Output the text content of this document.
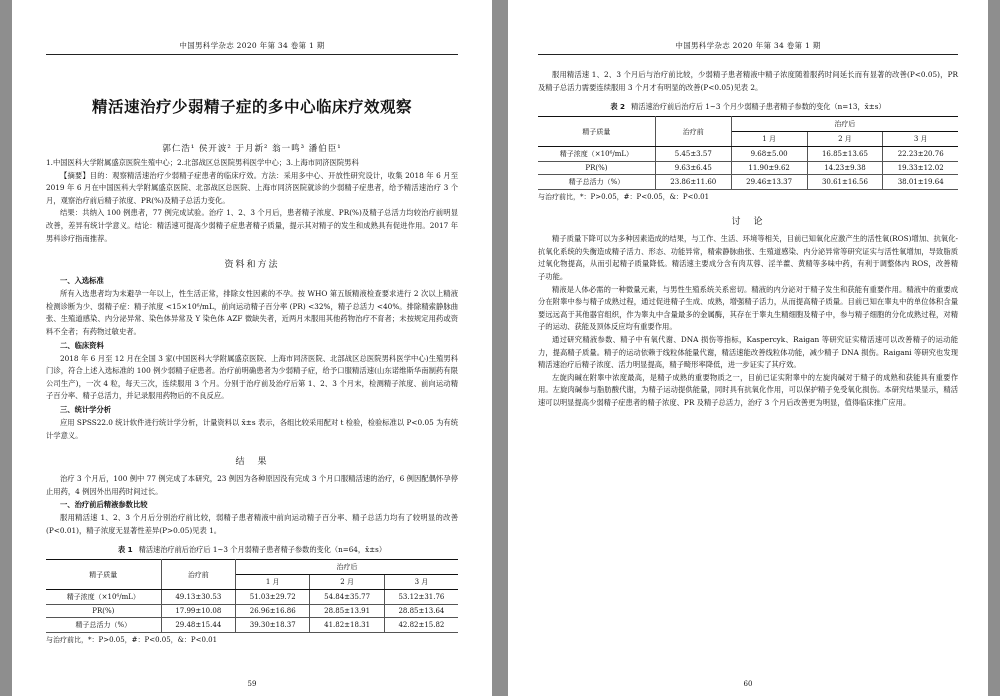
中国男科学杂志 2020 年第 34 卷第 1 期
精活速治疗少弱精子症的多中心临床疗效观察
郭仁浩¹ 侯开波² 于月新² 翁一鸣³ 潘伯臣¹

1.中国医科大学附属盛京医院生殖中心；2.北部战区总医院男科医学中心；3.上海市同济医院男科

【摘要】目的：观察精活速治疗少弱精子症患者的临床疗效。方法：采用多中心、开放性研究设计，收集 2018 年 6 月至 2019 年 6 月在中国医科大学附属盛京医院、北部战区总医院、上海市同济医院就诊的少弱精子症患者，给予精活速治疗 3 个月，观察治疗前后精子浓度、PR(%)及精子总活力变化。

结果：共纳入 100 例患者，77 例完成试验。治疗 1、2、3 个月后，患者精子浓度、PR(%)及精子总活力均较治疗前明显改善，差异有统计学意义。结论：精活速可提高少弱精子症患者精子质量，提示其对精子的发生和成熟具有促进作用。2017 年男科诊疗指南推荐。

资料和方法
一、入选标准

所有入选患者均为未避孕一年以上，性生活正常，排除女性因素的不孕。按 WHO 第五版精液检查要求进行 2 次以上精液检测诊断为少、弱精子症：精子浓度 <15×10⁶/mL，前向运动精子百分率 (PR) <32%，精子总活力 <40%。排除精索静脉曲张、生殖道感染、内分泌异常、染色体异常及 Y 染色体 AZF 微缺失者，近两月未服用其他药物治疗不育者；未按规定用药或资料不全者；有药物过敏史者。

二、临床资料

2018 年 6 月至 12 月在全国 3 家(中国医科大学附属盛京医院、上海市同济医院、北部战区总医院男科医学中心)生殖男科门诊，符合上述入选标准的 100 例少弱精子症患者。治疗前明确患者为少弱精子症，给予口服精活速(山东诺维斯华南制药有限公司生产)，一次 4 粒，每天三次，连续服用 3 个月。分别于治疗前及治疗后第 1、2、3 个月末，检测精子浓度、前向运动精子百分率、精子总活力，并记录服用药物后的不良反应。

三、统计学分析

应用 SPSS22.0 统计软件进行统计学分析，计量资料以 x̄±s 表示，各组比较采用配对 t 检验，检验标准以 P<0.05 为有统计学意义。

结　果

治疗 3 个月后，100 例中 77 例完成了本研究，23 例因为各种原因没有完成 3 个月口服精活速的治疗，6 例因配偶怀孕停止用药，4 例因外出用药时间过长。

一、治疗前后精液参数比较

服用精活速 1、2、3 个月后分别治疗前比较，弱精子患者精液中前向运动精子百分率、精子总活力均有了较明显的改善(P<0.01)，精子浓度无显著性差异(P>0.05)见表 1。

表 1 精活速治疗前后治疗后 1~3 个月弱精子患者精子参数的变化（n=64，x̄±s）
精子质量	治疗前	治疗后		
		1 月	2 月	3 月
精子浓度（×10⁶/mL）	49.13±30.53	51.03±29.72	54.84±35.77	53.12±31.76
PR(%)	17.99±10.08	26.96±16.86	28.85±13.91	28.85±13.64
精子总活力（%）	29.48±15.44	39.30±18.37	41.82±18.31	42.82±15.82
与治疗前比，*：P>0.05，#：P<0.05，&：P<0.01
59
中国男科学杂志 2020 年第 34 卷第 1 期

服用精活速 1、2、3 个月后与治疗前比较，少弱精子患者精液中精子浓度随着服药时间延长而有显著的改善(P<0.05)，PR 及精子总活力需要连续服用 3 个月才有明显的改善(P<0.05)见表 2。

表 2 精活速治疗前后治疗后 1~3 个月少弱精子患者精子参数的变化（n=13，x̄±s）
精子质量	治疗前	治疗后		
		1 月	2 月	3 月
精子浓度（×10⁶/mL）	5.45±3.57	9.68±5.00	16.85±13.65	22.23±20.76
PR(%)	9.63±6.45	11.90±9.62	14.23±9.38	19.33±12.02
精子总活力（%）	23.86±11.60	29.46±13.37	30.61±16.56	38.01±19.64
与治疗前比，*：P>0.05，#：P<0.05，&：P<0.01
讨　论

精子质量下降可以为多种因素造成的结果，与工作、生活、环境等相关，目前已知氧化应激产生的活性氧(ROS)增加、抗氧化-抗氧化系统的失衡造成精子活力、形态、功能异常，精索静脉曲张、生殖道感染、内分泌异常等研究证实与活性氧增加，导致脂质过氧化物提高，从而引起精子质量降低。精活速主要成分含有肉苁蓉、淫羊藿、黄精等多味中药，有利于调整体内 ROS，改善精子功能。

精液是人体必需的一种微量元素，与男性生殖系统关系密切。精液的内分泌对于精子发生和获能有重要作用。精液中的重要成分在附睾中参与精子成熟过程，通过促进精子生成、成熟，增强精子活力，从而提高精子质量。目前已知在睾丸中的单位体积含量要远远高于其他器官组织，作为睾丸中含量最多的金属酶，其存在于睾丸生精细胞及精子中，参与精子细胞的分化成熟过程，对精子的运动、获能及顶体反应均有重要作用。

通过研究精液参数、精子中有氧代谢、DNA 损伤等指标，Kaspercyk、Raigan 等研究证实精活速可以改善精子的运动能力，提高精子质量。精子的运动依赖于线粒体能量代谢，精活速能改善线粒体功能，减少精子 DNA 损伤。Raigani 等研究也发现精活速治疗后精子浓度、活力明显提高，精子畸形率降低，进一步证实了其疗效。

左旋肉碱在附睾中浓度最高，是精子成熟的重要物质之一，目前已证实附睾中的左旋肉碱对于精子的成熟和获能具有重要作用。左旋肉碱参与脂肪酸代谢，为精子运动提供能量，同时具有抗氧化作用，可以保护精子免受氧化损伤。本研究结果显示，精活速可以明显提高少弱精子症患者的精子浓度、PR 及精子总活力，治疗 3 个月后改善更为明显，值得临床推广应用。

60
